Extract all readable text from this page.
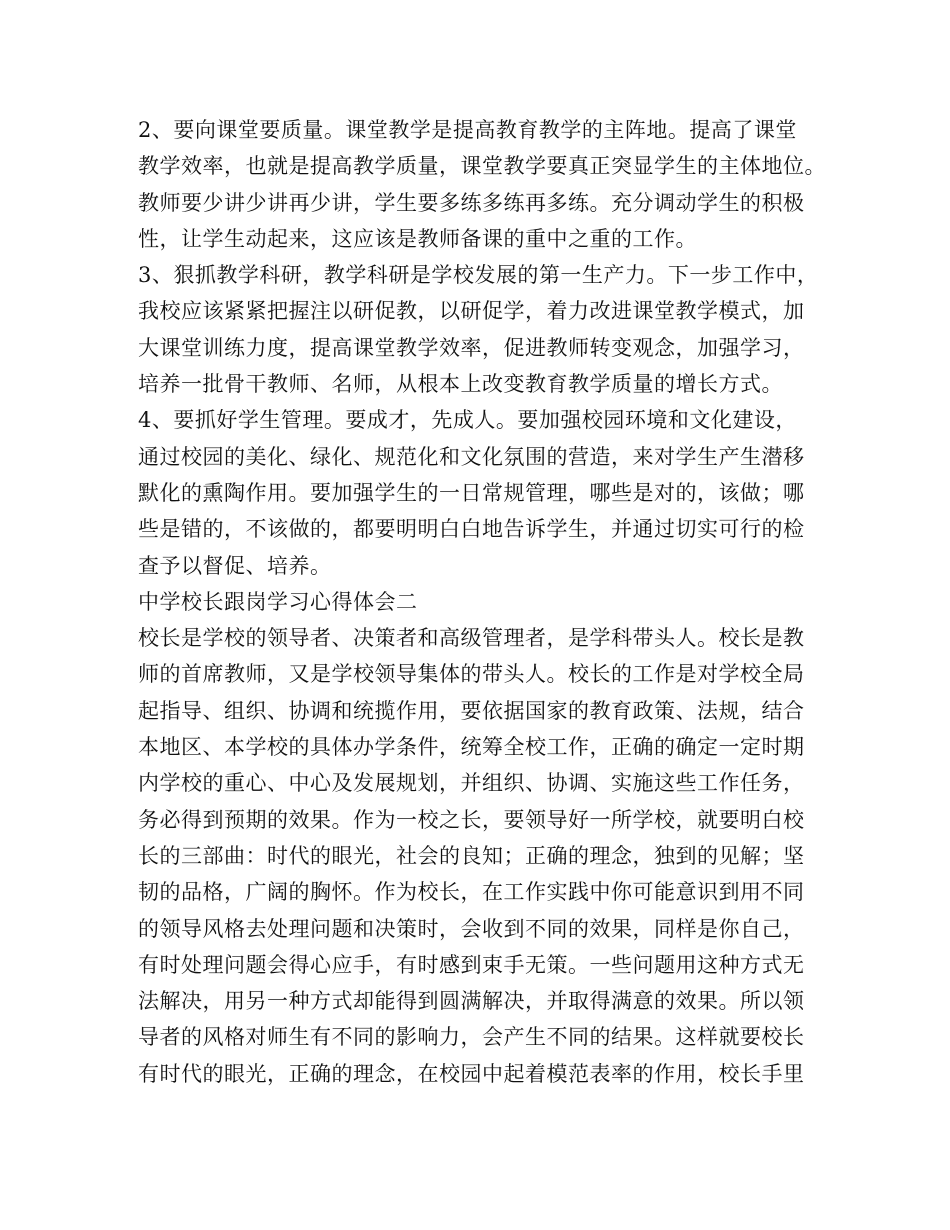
2、要向课堂要质量。课堂教学是提高教育教学的主阵地。提高了课堂
教学效率，也就是提高教学质量，课堂教学要真正突显学生的主体地位。
教师要少讲少讲再少讲，学生要多练多练再多练。充分调动学生的积极
性，让学生动起来，这应该是教师备课的重中之重的工作。
3、狠抓教学科研，教学科研是学校发展的第一生产力。下一步工作中，
我校应该紧紧把握注以研促教，以研促学，着力改进课堂教学模式，加
大课堂训练力度，提高课堂教学效率，促进教师转变观念，加强学习，
培养一批骨干教师、名师，从根本上改变教育教学质量的增长方式。
4、要抓好学生管理。要成才，先成人。要加强校园环境和文化建设，
通过校园的美化、绿化、规范化和文化氛围的营造，来对学生产生潜移
默化的熏陶作用。要加强学生的一日常规管理，哪些是对的，该做；哪
些是错的，不该做的，都要明明白白地告诉学生，并通过切实可行的检
查予以督促、培养。
中学校长跟岗学习心得体会二
校长是学校的领导者、决策者和高级管理者，是学科带头人。校长是教
师的首席教师，又是学校领导集体的带头人。校长的工作是对学校全局
起指导、组织、协调和统揽作用，要依据国家的教育政策、法规，结合
本地区、本学校的具体办学条件，统筹全校工作，正确的确定一定时期
内学校的重心、中心及发展规划，并组织、协调、实施这些工作任务，
务必得到预期的效果。作为一校之长，要领导好一所学校，就要明白校
长的三部曲：时代的眼光，社会的良知；正确的理念，独到的见解；坚
韧的品格，广阔的胸怀。作为校长，在工作实践中你可能意识到用不同
的领导风格去处理问题和决策时，会收到不同的效果，同样是你自己，
有时处理问题会得心应手，有时感到束手无策。一些问题用这种方式无
法解决，用另一种方式却能得到圆满解决，并取得满意的效果。所以领
导者的风格对师生有不同的影响力，会产生不同的结果。这样就要校长
有时代的眼光，正确的理念，在校园中起着模范表率的作用，校长手里
